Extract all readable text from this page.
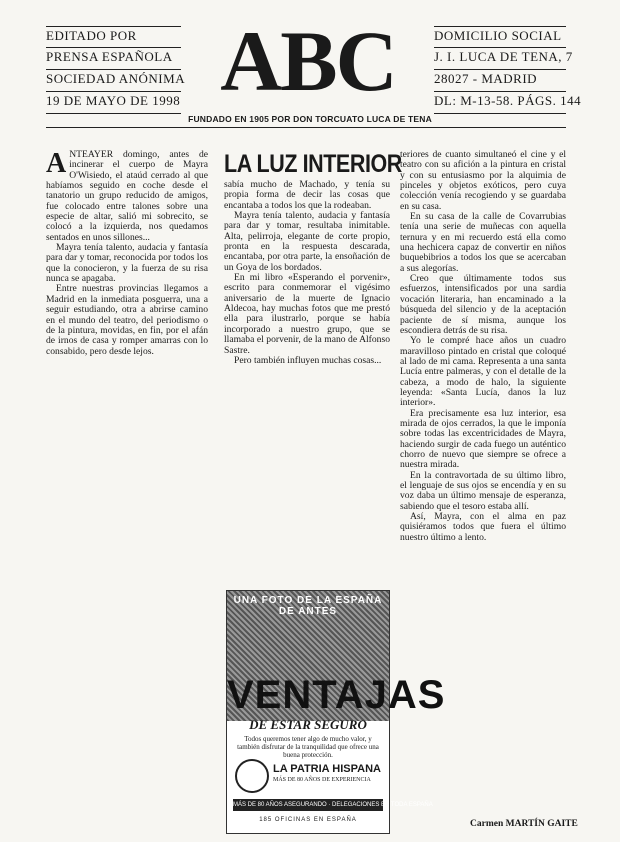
EDITADO POR
PRENSA ESPAÑOLA
SOCIEDAD ANÓNIMA
19 DE MAYO DE 1998 ABC	DOMICILIO SOCIAL
J. I. LUCA DE TENA, 7
28027 - MADRID
DL: M-13-58. PÁGS. 144
FUNDADO EN 1905 POR DON TORCUATO LUCA DE TENA
A NTEAYER domingo, antes de incinerar el cuerpo de Mayra O'Wisiedo, el ataúd cerrado al que habíamos seguido en coche desde el tanatorio un grupo reducido de amigos, fue colocado entre talones sobre una especie de altar, salió mi sobrecito, se colocó a la izquierda, nos quedamos sentados en unos sillones...

Mayra tenía talento, audacia y fantasía para dar y tomar, reconocida por todos los que la conocieron, y la fuerza de su risa nunca se apagaba.

Entre nuestras provincias llegamos a Madrid en la inmediata posguerra, una a seguir estudiando, otra a abrirse camino en el mundo del teatro, del periodismo o de la pintura, movidas, en fin, por el afán de irnos de casa y romper amarras con lo consabido, pero desde lejos.

LA LUZ INTERIOR

sabía mucho de Machado, y tenía su propia forma de decir las cosas que encantaba a todos los que la rodeaban.

Mayra tenía talento, audacia y fantasía para dar y tomar, resultaba inimitable. Alta, pelirroja, elegante de corte propio, pronta en la respuesta descarada, encantaba, por otra parte, la ensoñación de un Goya de los bordados.

En mi libro «Esperando el porvenir», escrito para conmemorar el vigésimo aniversario de la muerte de Ignacio Aldecoa, hay muchas fotos que me prestó ella para ilustrarlo, porque se había incorporado a nuestro grupo, que se llamaba el porvenir, de la mano de Alfonso Sastre.

Pero también influyen muchas cosas...

UNA FOTO DE LA ESPAÑA DE ANTES
VENTAJAS
DE ESTAR SEGURO
Todos queremos tener algo de mucho valor, y también disfrutar de la tranquilidad que ofrece una buena protección.
LA PATRIA HISPANA
MÁS DE 80 AÑOS DE EXPERIENCIA
MÁS DE 80 AÑOS ASEGURANDO · DELEGACIONES EN TODA ESPAÑA
185 OFICINAS EN ESPAÑA

teriores de cuanto simultaneó el cine y el teatro con su afición a la pintura en cristal y con su entusiasmo por la alquimia de pinceles y objetos exóticos, pero cuya colección venía recogiendo y se guardaba en su casa.

En su casa de la calle de Covarrubias tenía una serie de muñecas con aquella ternura y en mi recuerdo está ella como una hechicera capaz de convertir en niños buquebibrios a todos los que se acercaban a sus alegorías.

Creo que últimamente todos sus esfuerzos, intensificados por una sardia vocación literaria, han encaminado a la búsqueda del silencio y de la aceptación paciente de sí misma, aunque los escondiera detrás de su risa.

Yo le compré hace años un cuadro maravilloso pintado en cristal que coloqué al lado de mi cama. Representa a una santa Lucía entre palmeras, y con el detalle de la cabeza, a modo de halo, la siguiente leyenda: «Santa Lucía, danos la luz interior».

Era precisamente esa luz interior, esa mirada de ojos cerrados, la que le imponía sobre todas las excentricidades de Mayra, haciendo surgir de cada fuego un auténtico chorro de nuevo que siempre se ofrece a nuestra mirada.

En la contravortada de su último libro, el lenguaje de sus ojos se encendía y en su voz daba un último mensaje de esperanza, sabiendo que el tesoro estaba allí.

Así, Mayra, con el alma en paz quisiéramos todos que fuera el último nuestro último a lento.

Carmen MARTÍN GAITE
